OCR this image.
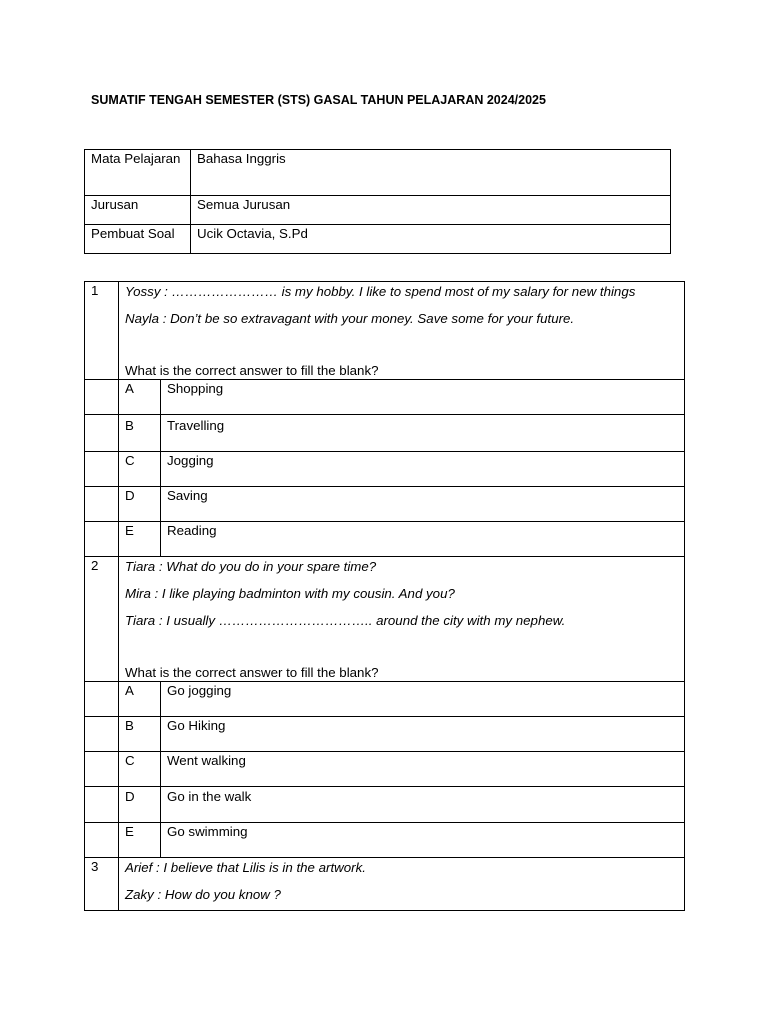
SUMATIF TENGAH SEMESTER (STS) GASAL TAHUN PELAJARAN 2024/2025
Mata Pelajaran	Bahasa Inggris
Jurusan	Semua Jurusan
Pembuat Soal	Ucik Octavia, S.Pd
1	Yossy : …………………… is my hobby. I like to spend most of my salary for new things

Nayla : Don’t be so extravagant with your money. Save some for your future.

What is the correct answer to fill the blank?

A	Shopping

B	Travelling

C	Jogging

D	Saving

E	Reading

2	Tiara : What do you do in your spare time?

Mira : I like playing badminton with my cousin. And you?

Tiara : I usually …………………………….. around the city with my nephew.

What is the correct answer to fill the blank?

A	Go jogging

B	Go Hiking

C	Went walking

D	Go in the walk

E	Go swimming

3	Arief : I believe that Lilis is in the artwork.

Zaky : How do you know ?
